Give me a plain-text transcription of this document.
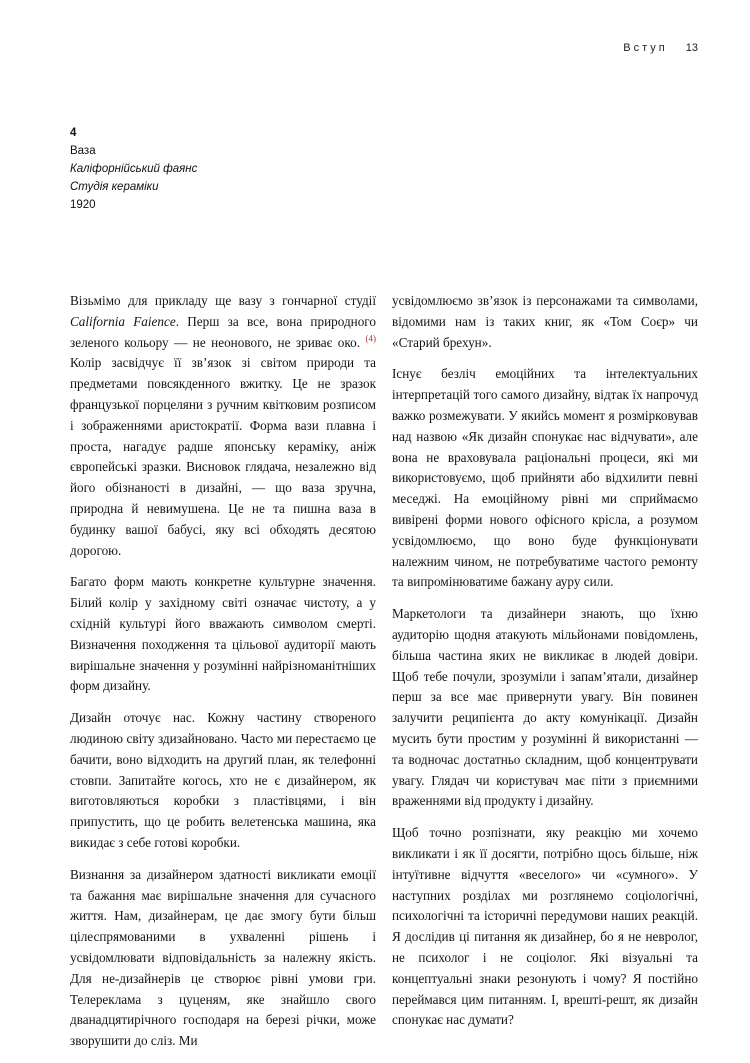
Вступ 13
4
Ваза
Каліфорнійський фаянс
Студія кераміки
1920

Візьмімо для прикладу ще вазу з гончарної студії California Faience. Перш за все, вона природного зеленого кольору — не неонового, не зриває око. $^{(4)}$ Колір засвідчує її зв’язок зі світом природи та предметами повсякденного вжитку. Це не зразок французької порцеляни з ручним квітковим розписом і зображеннями аристократії. Форма вази плавна і проста, нагадує радше японську кераміку, аніж європейські зразки. Висновок глядача, незалежно від його обізнаності в дизайні, — що ваза зручна, природна й невимушена. Це не та пишна ваза в будинку вашої бабусі, яку всі обходять десятою дорогою.

Багато форм мають конкретне культурне значення. Білий колір у західному світі означає чистоту, а у східній культурі його вважають символом смерті. Визначення походження та цільової аудиторії мають вирішальне значення у розумінні найрізноманітніших форм дизайну.

Дизайн оточує нас. Кожну частину створеного людиною світу здизайновано. Часто ми перестаємо це бачити, воно відходить на другий план, як телефонні стовпи. Запитайте когось, хто не є дизайнером, як виготовляються коробки з пластівцями, і він припустить, що це робить велетенська машина, яка викидає з себе готові коробки.

Визнання за дизайнером здатності викликати емоції та бажання має вирішальне значення для сучасного життя. Нам, дизайнерам, це дає змогу бути більш цілеспрямованими в ухваленні рішень і усвідомлювати відповідальність за належну якість. Для не-дизайнерів це створює рівні умови гри. Телереклама з цуценям, яке знайшло свого дванадцятирічного господаря на березі річки, може зворушити до сліз. Ми

усвідомлюємо зв’язок із персонажами та символами, відомими нам із таких книг, як «Том Соєр» чи «Старий брехун».

Існує безліч емоційних та інтелектуальних інтерпретацій того самого дизайну, відтак їх напрочуд важко розмежувати. У якийсь момент я розмірковував над назвою «Як дизайн спонукає нас відчувати», але вона не враховувала раціональні процеси, які ми використовуємо, щоб прийняти або відхилити певні меседжі. На емоційному рівні ми сприймаємо вивірені форми нового офісного крісла, а розумом усвідомлюємо, що воно буде функціонувати належним чином, не потребуватиме частого ремонту та випромінюватиме бажану ауру сили.

Маркетологи та дизайнери знають, що їхню аудиторію щодня атакують мільйонами повідомлень, більша частина яких не викликає в людей довіри. Щоб тебе почули, зрозуміли і запам’ятали, дизайнер перш за все має привернути увагу. Він повинен залучити реципієнта до акту комунікації. Дизайн мусить бути простим у розумінні й використанні — та водночас достатньо складним, щоб концентрувати увагу. Глядач чи користувач має піти з приємними враженнями від продукту і дизайну.

Щоб точно розпізнати, яку реакцію ми хочемо викликати і як її досягти, потрібно щось більше, ніж інтуїтивне відчуття «веселого» чи «сумного». У наступних розділах ми розглянемо соціологічні, психологічні та історичні передумови наших реакцій. Я дослідив ці питання як дизайнер, бо я не невролог, не психолог і не соціолог. Які візуальні та концептуальні знаки резонують і чому? Я постійно переймався цим питанням. І, врешті-решт, як дизайн спонукає нас думати?
